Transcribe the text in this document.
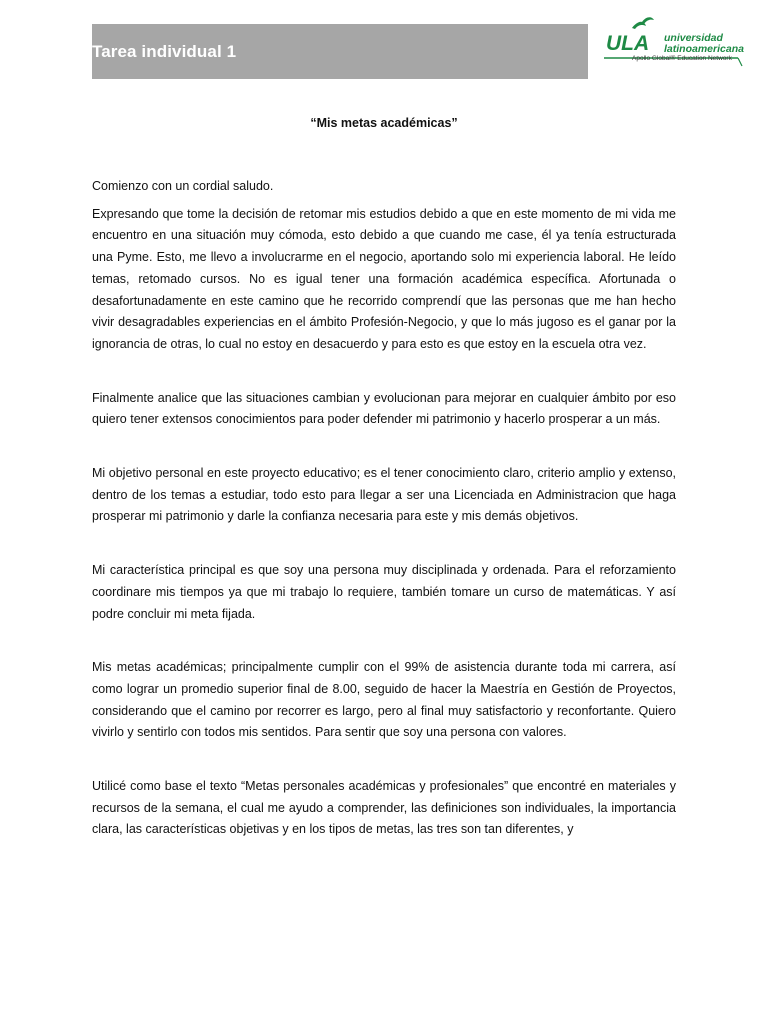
Tarea individual 1	ULA universidad
latinoamericana
Apollo Global® Education Network
“Mis metas académicas”

Comienzo con un cordial saludo.

Expresando que tome la decisión de retomar mis estudios debido a que en este momento de mi vida me encuentro en una situación muy cómoda, esto debido a que cuando me case, él ya tenía estructurada una Pyme. Esto, me llevo a involucrarme en el negocio, aportando solo mi experiencia laboral. He leído temas, retomado cursos. No es igual tener una formación académica específica. Afortunada o desafortunadamente en este camino que he recorrido comprendí que las personas que me han hecho vivir desagradables experiencias en el ámbito Profesión-Negocio, y que lo más jugoso es el ganar por la ignorancia de otras, lo cual no estoy en desacuerdo y para esto es que estoy en la escuela otra vez.

Finalmente analice que las situaciones cambian y evolucionan para mejorar en cualquier ámbito por eso quiero tener extensos conocimientos para poder defender mi patrimonio y hacerlo prosperar a un más.

Mi objetivo personal en este proyecto educativo; es el tener conocimiento claro, criterio amplio y extenso, dentro de los temas a estudiar, todo esto para llegar a ser una Licenciada en Administracion que haga prosperar mi patrimonio y darle la confianza necesaria para este y mis demás objetivos.

Mi característica principal es que soy una persona muy disciplinada y ordenada. Para el reforzamiento coordinare mis tiempos ya que mi trabajo lo requiere, también tomare un curso de matemáticas. Y así podre concluir mi meta fijada.

Mis metas académicas; principalmente cumplir con el 99% de asistencia durante toda mi carrera, así como lograr un promedio superior final de 8.00, seguido de hacer la Maestría en Gestión de Proyectos, considerando que el camino por recorrer es largo, pero al final muy satisfactorio y reconfortante. Quiero vivirlo y sentirlo con todos mis sentidos. Para sentir que soy una persona con valores.

Utilicé como base el texto “Metas personales académicas y profesionales” que encontré en materiales y recursos de la semana, el cual me ayudo a comprender, las definiciones son individuales, la importancia clara, las características objetivas y en los tipos de metas, las tres son tan diferentes, y
